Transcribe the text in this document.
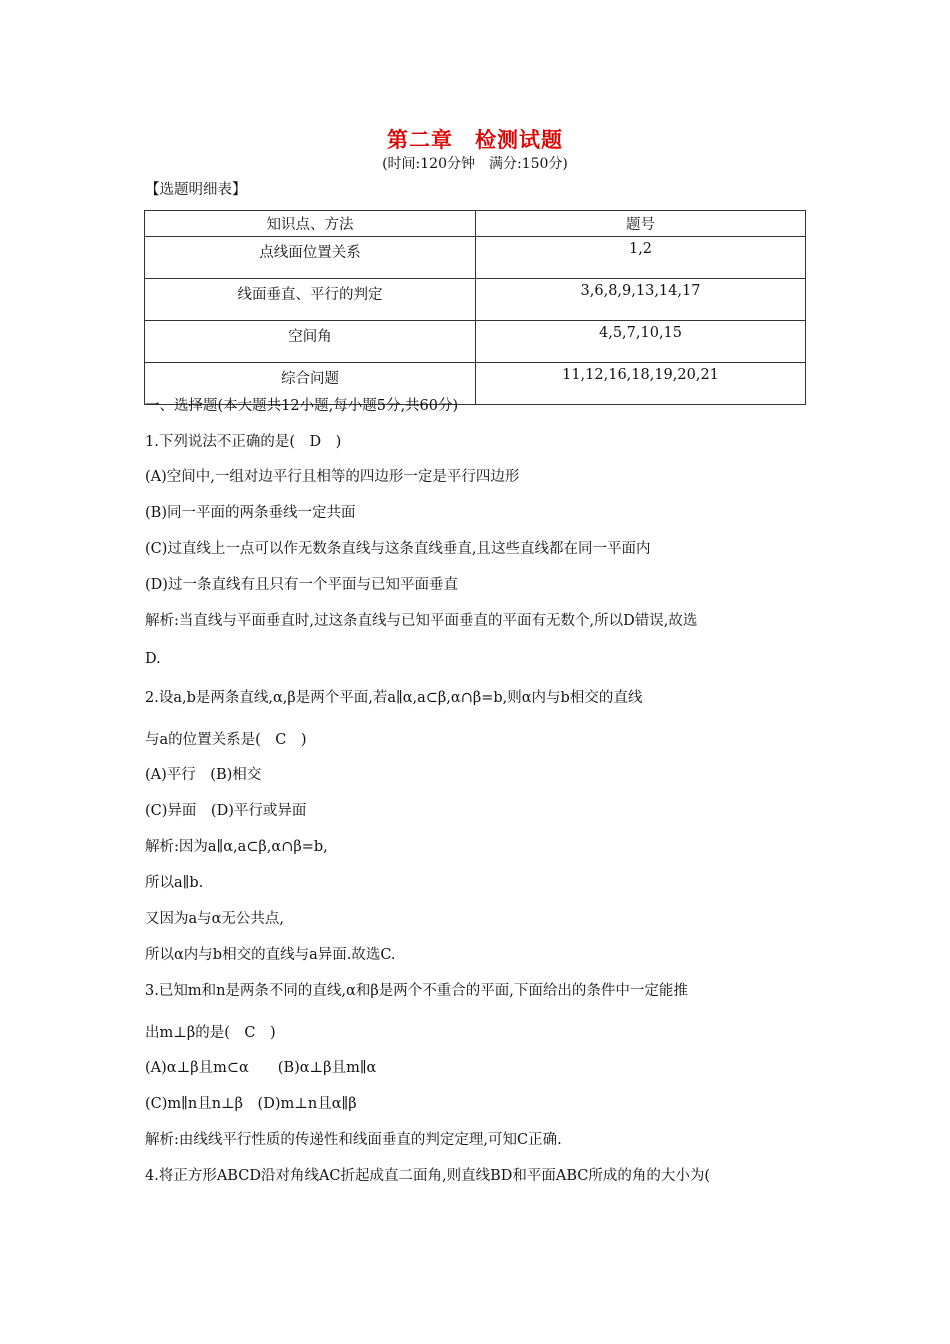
第二章 检测试题
(时间:120分钟　满分:150分)
【选题明细表】
知识点、方法	题号
点线面位置关系	1,2
线面垂直、平行的判定	3,6,8,9,13,14,17
空间角	4,5,7,10,15
综合问题	11,12,16,18,19,20,21
一、选择题(本大题共12小题,每小题5分,共60分)
1.下列说法不正确的是(　D　)
(A)空间中,一组对边平行且相等的四边形一定是平行四边形
(B)同一平面的两条垂线一定共面
(C)过直线上一点可以作无数条直线与这条直线垂直,且这些直线都在同一平面内
(D)过一条直线有且只有一个平面与已知平面垂直
解析:当直线与平面垂直时,过这条直线与已知平面垂直的平面有无数个,所以D错误,故选
D.
2.设a,b是两条直线,α,β是两个平面,若a∥α,a⊂β,α∩β=b,则α内与b相交的直线
与a的位置关系是(　C　)
(A)平行　(B)相交
(C)异面　(D)平行或异面
解析:因为a∥α,a⊂β,α∩β=b,
所以a∥b.
又因为a与α无公共点,
所以α内与b相交的直线与a异面.故选C.
3.已知m和n是两条不同的直线,α和β是两个不重合的平面,下面给出的条件中一定能推
出m⊥β的是(　C　)
(A)α⊥β且m⊂α　　(B)α⊥β且m∥α
(C)m∥n且n⊥β　(D)m⊥n且α∥β
解析:由线线平行性质的传递性和线面垂直的判定定理,可知C正确.
4.将正方形ABCD沿对角线AC折起成直二面角,则直线BD和平面ABC所成的角的大小为(
